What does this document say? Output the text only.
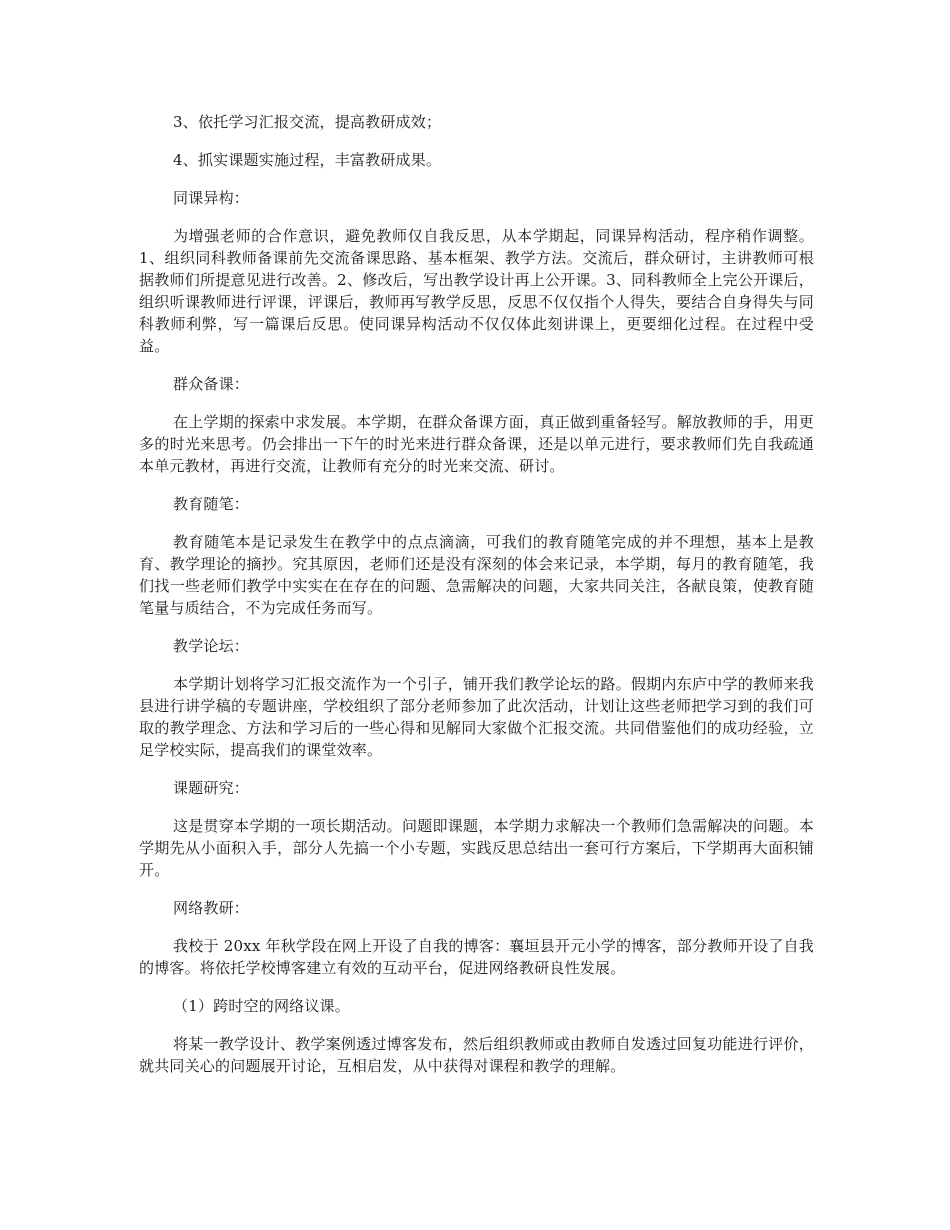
3、依托学习汇报交流，提高教研成效；

4、抓实课题实施过程，丰富教研成果。

同课异构：

为增强老师的合作意识，避免教师仅自我反思，从本学期起，同课异构活动，程序稍作调整。1、组织同科教师备课前先交流备课思路、基本框架、教学方法。交流后，群众研讨，主讲教师可根据教师们所提意见进行改善。2、修改后，写出教学设计再上公开课。3、同科教师全上完公开课后，组织听课教师进行评课，评课后，教师再写教学反思，反思不仅仅指个人得失，要结合自身得失与同科教师利弊，写一篇课后反思。使同课异构活动不仅仅体此刻讲课上，更要细化过程。在过程中受益。

群众备课：

在上学期的探索中求发展。本学期，在群众备课方面，真正做到重备轻写。解放教师的手，用更多的时光来思考。仍会排出一下午的时光来进行群众备课，还是以单元进行，要求教师们先自我疏通本单元教材，再进行交流，让教师有充分的时光来交流、研讨。

教育随笔：

教育随笔本是记录发生在教学中的点点滴滴，可我们的教育随笔完成的并不理想，基本上是教育、教学理论的摘抄。究其原因，老师们还是没有深刻的体会来记录，本学期，每月的教育随笔，我们找一些老师们教学中实实在在存在的问题、急需解决的问题，大家共同关注，各献良策，使教育随笔量与质结合，不为完成任务而写。

教学论坛：

本学期计划将学习汇报交流作为一个引子，铺开我们教学论坛的路。假期内东庐中学的教师来我县进行讲学稿的专题讲座，学校组织了部分老师参加了此次活动，计划让这些老师把学习到的我们可取的教学理念、方法和学习后的一些心得和见解同大家做个汇报交流。共同借鉴他们的成功经验，立足学校实际，提高我们的课堂效率。

课题研究：

这是贯穿本学期的一项长期活动。问题即课题，本学期力求解决一个教师们急需解决的问题。本学期先从小面积入手，部分人先搞一个小专题，实践反思总结出一套可行方案后，下学期再大面积铺开。

网络教研：

我校于 20xx 年秋学段在网上开设了自我的博客：襄垣县开元小学的博客，部分教师开设了自我的博客。将依托学校博客建立有效的互动平台，促进网络教研良性发展。

（1）跨时空的网络议课。

将某一教学设计、教学案例透过博客发布，然后组织教师或由教师自发透过回复功能进行评价，就共同关心的问题展开讨论，互相启发，从中获得对课程和教学的理解。
